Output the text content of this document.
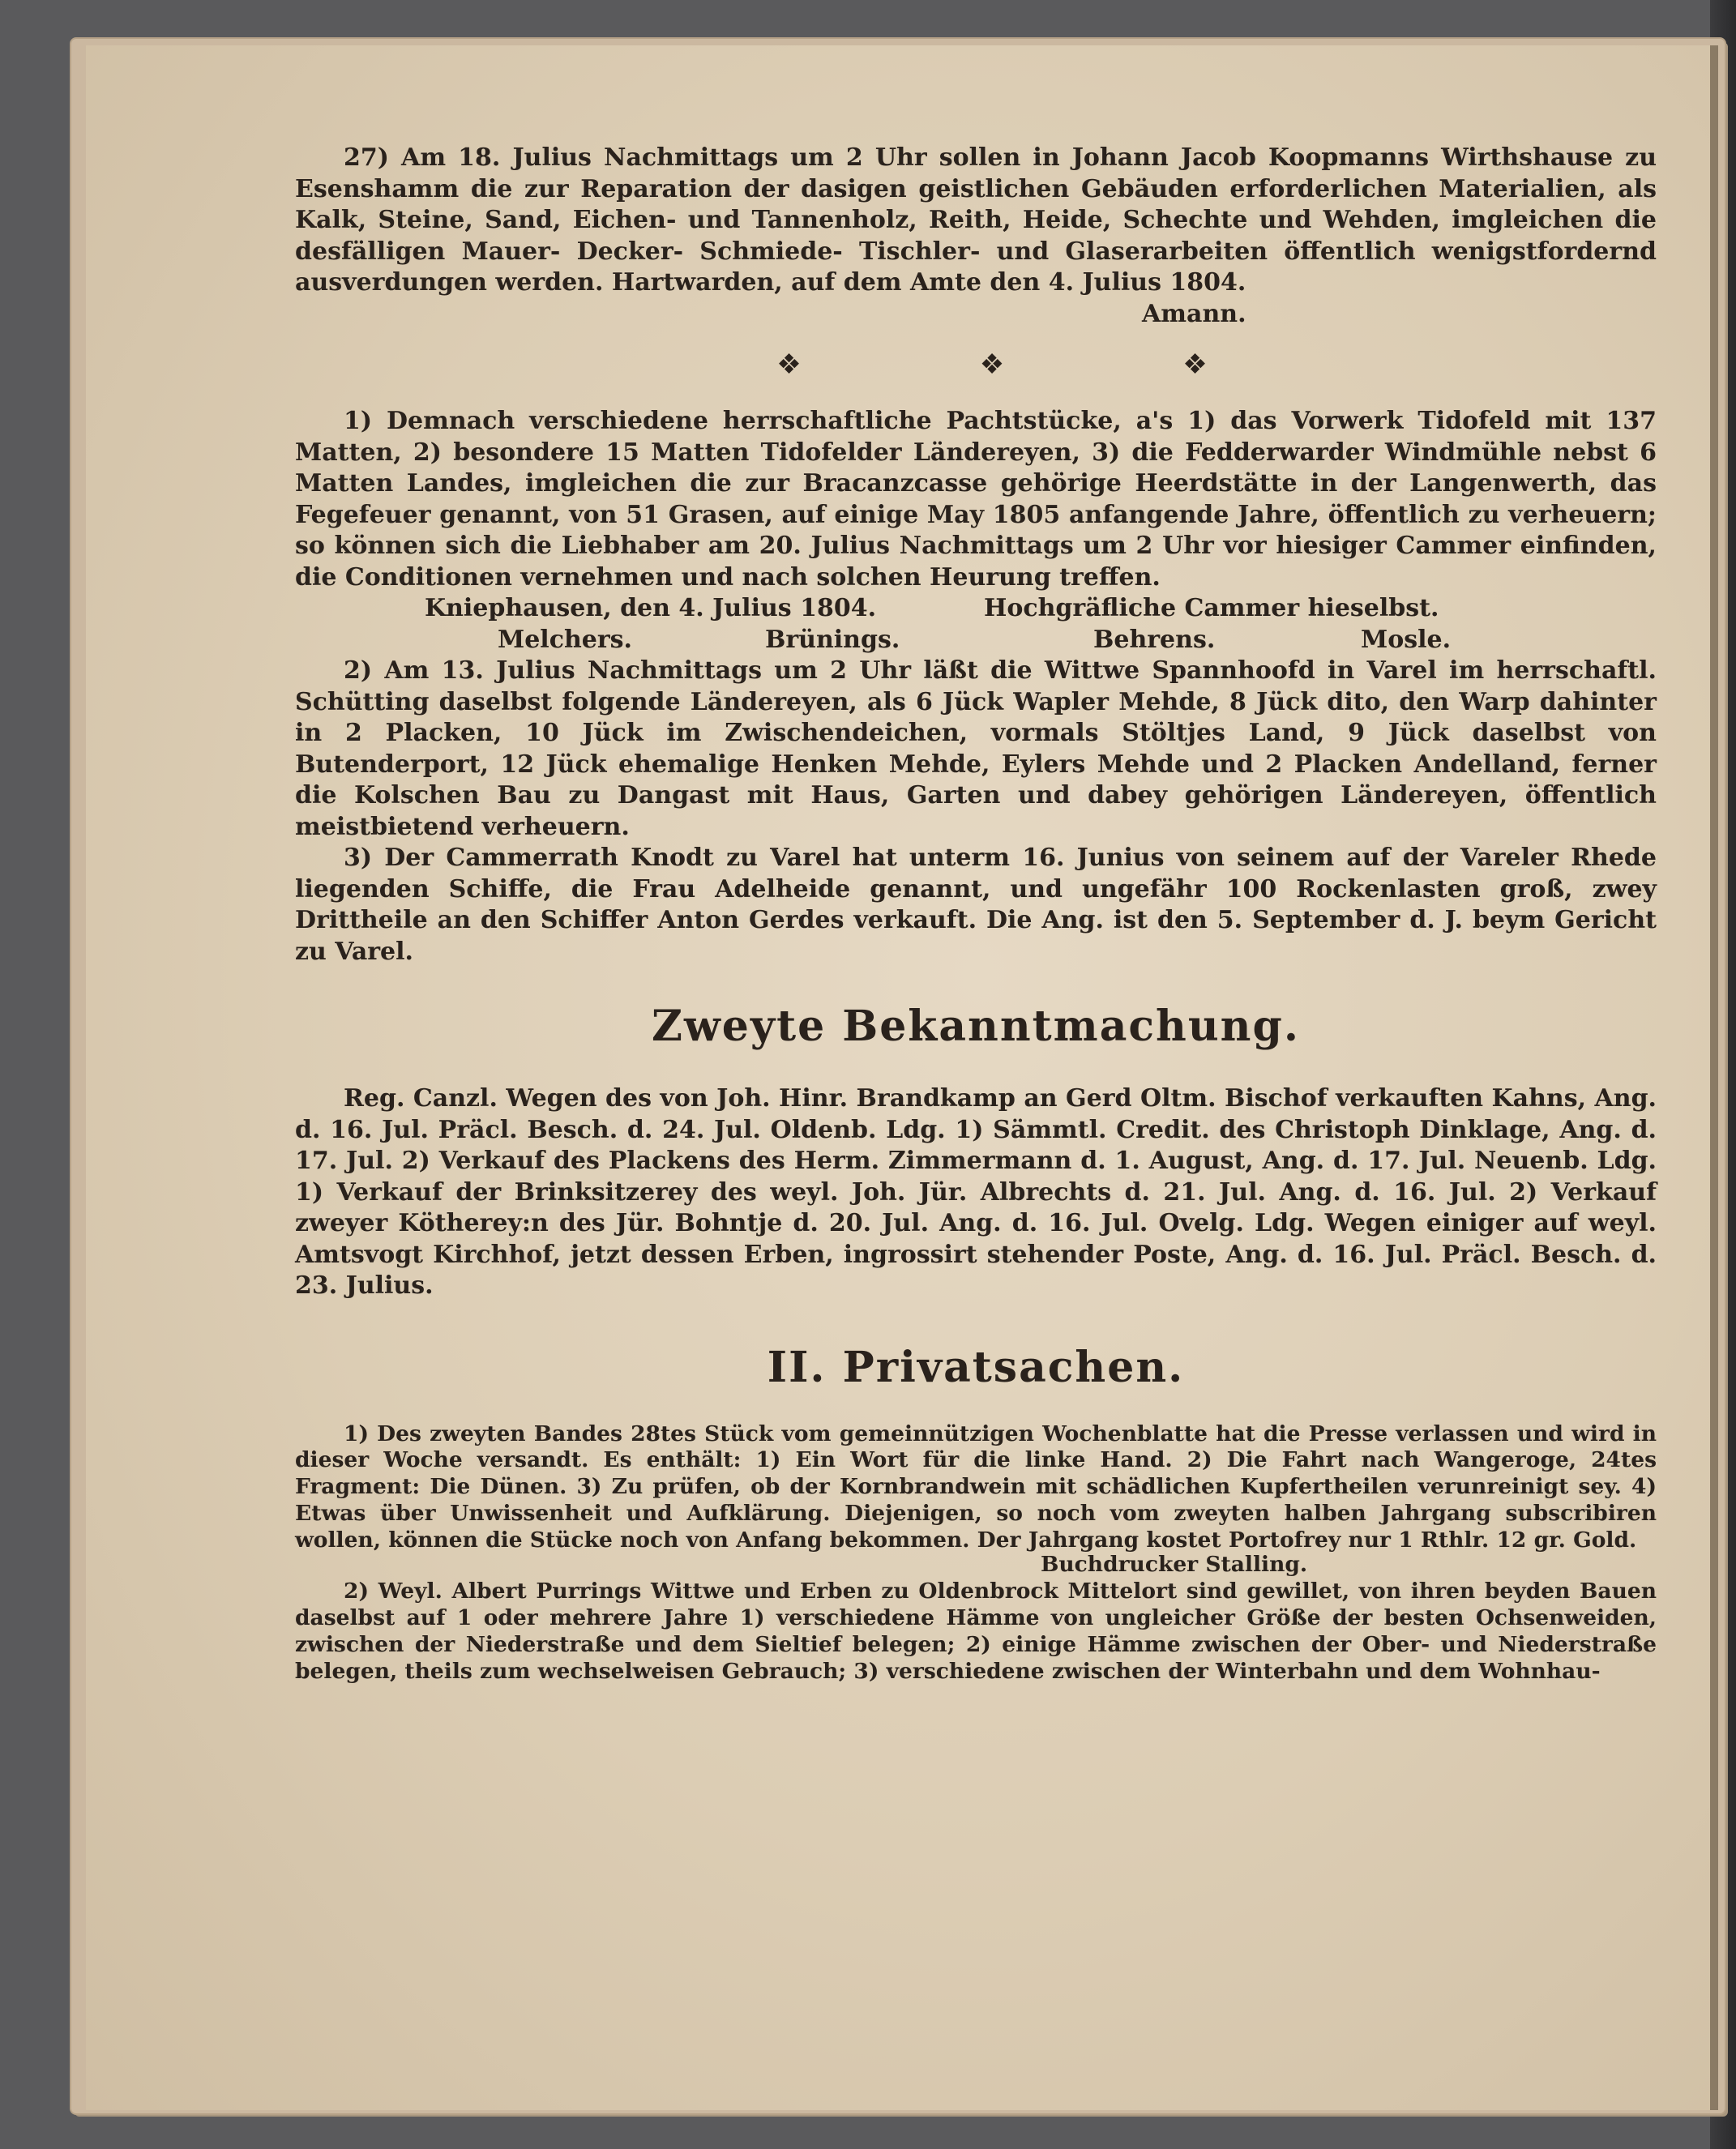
27) Am 18. Julius Nachmittags um 2 Uhr sollen in Johann Jacob Koopmanns Wirthshause zu Esenshamm die zur Reparation der dasigen geistlichen Gebäuden erforderlichen Materialien, als Kalk, Steine, Sand, Eichen- und Tannenholz, Reith, Heide, Schechte und Wehden, imgleichen die desfälligen Mauer- Decker- Schmiede- Tischler- und Glaserarbeiten öffentlich wenigstfordernd ausverdungen werden. Hartwarden, auf dem Amte den 4. Julius 1804.

Amann.
❖	❖	❖

1) Demnach verschiedene herrschaftliche Pachtstücke, a's 1) das Vorwerk Tidofeld mit 137 Matten, 2) besondere 15 Matten Tidofelder Ländereyen, 3) die Fedderwarder Windmühle nebst 6 Matten Landes, imgleichen die zur Bracanzcasse gehörige Heerdstätte in der Langenwerth, das Fegefeuer genannt, von 51 Grasen, auf einige May 1805 anfangende Jahre, öffentlich zu verheuern; so können sich die Liebhaber am 20. Julius Nachmittags um 2 Uhr vor hiesiger Cammer einfinden, die Conditionen vernehmen und nach solchen Heurung treffen.

Kniephausen, den 4. Julius 1804.	Hochgräfliche Cammer hieselbst.
Melchers.	Brünings.	Behrens.	Mosle.

2) Am 13. Julius Nachmittags um 2 Uhr läßt die Wittwe Spannhoofd in Varel im herrschaftl. Schütting daselbst folgende Ländereyen, als 6 Jück Wapler Mehde, 8 Jück dito, den Warp dahinter in 2 Placken, 10 Jück im Zwischendeichen, vormals Stöltjes Land, 9 Jück daselbst von Butenderport, 12 Jück ehemalige Henken Mehde, Eylers Mehde und 2 Placken Andelland, ferner die Kolschen Bau zu Dangast mit Haus, Garten und dabey gehörigen Ländereyen, öffentlich meistbietend verheuern.

3) Der Cammerrath Knodt zu Varel hat unterm 16. Junius von seinem auf der Vareler Rhede liegenden Schiffe, die Frau Adelheide genannt, und ungefähr 100 Rockenlasten groß, zwey Drittheile an den Schiffer Anton Gerdes verkauft. Die Ang. ist den 5. September d. J. beym Gericht zu Varel.

Zweyte Bekanntmachung.

Reg. Canzl. Wegen des von Joh. Hinr. Brandkamp an Gerd Oltm. Bischof verkauften Kahns, Ang. d. 16. Jul. Präcl. Besch. d. 24. Jul. Oldenb. Ldg. 1) Sämmtl. Credit. des Christoph Dinklage, Ang. d. 17. Jul. 2) Verkauf des Plackens des Herm. Zimmermann d. 1. August, Ang. d. 17. Jul. Neuenb. Ldg. 1) Verkauf der Brinksitzerey des weyl. Joh. Jür. Albrechts d. 21. Jul. Ang. d. 16. Jul. 2) Verkauf zweyer Kötherey:n des Jür. Bohntje d. 20. Jul. Ang. d. 16. Jul. Ovelg. Ldg. Wegen einiger auf weyl. Amtsvogt Kirchhof, jetzt dessen Erben, ingrossirt stehender Poste, Ang. d. 16. Jul. Präcl. Besch. d. 23. Julius.

II. Privatsachen.

1) Des zweyten Bandes 28tes Stück vom gemeinnützigen Wochenblatte hat die Presse verlassen und wird in dieser Woche versandt. Es enthält: 1) Ein Wort für die linke Hand. 2) Die Fahrt nach Wangeroge, 24tes Fragment: Die Dünen. 3) Zu prüfen, ob der Kornbrandwein mit schädlichen Kupfertheilen verunreinigt sey. 4) Etwas über Unwissenheit und Aufklärung. Diejenigen, so noch vom zweyten halben Jahrgang subscribiren wollen, können die Stücke noch von Anfang bekommen. Der Jahrgang kostet Portofrey nur 1 Rthlr. 12 gr. Gold.

Buchdrucker Stalling.

2) Weyl. Albert Purrings Wittwe und Erben zu Oldenbrock Mittelort sind gewillet, von ihren beyden Bauen daselbst auf 1 oder mehrere Jahre 1) verschiedene Hämme von ungleicher Größe der besten Ochsenweiden, zwischen der Niederstraße und dem Sieltief belegen; 2) einige Hämme zwischen der Ober- und Niederstraße belegen, theils zum wechselweisen Gebrauch; 3) verschiedene zwischen der Winterbahn und dem Wohnhau-
